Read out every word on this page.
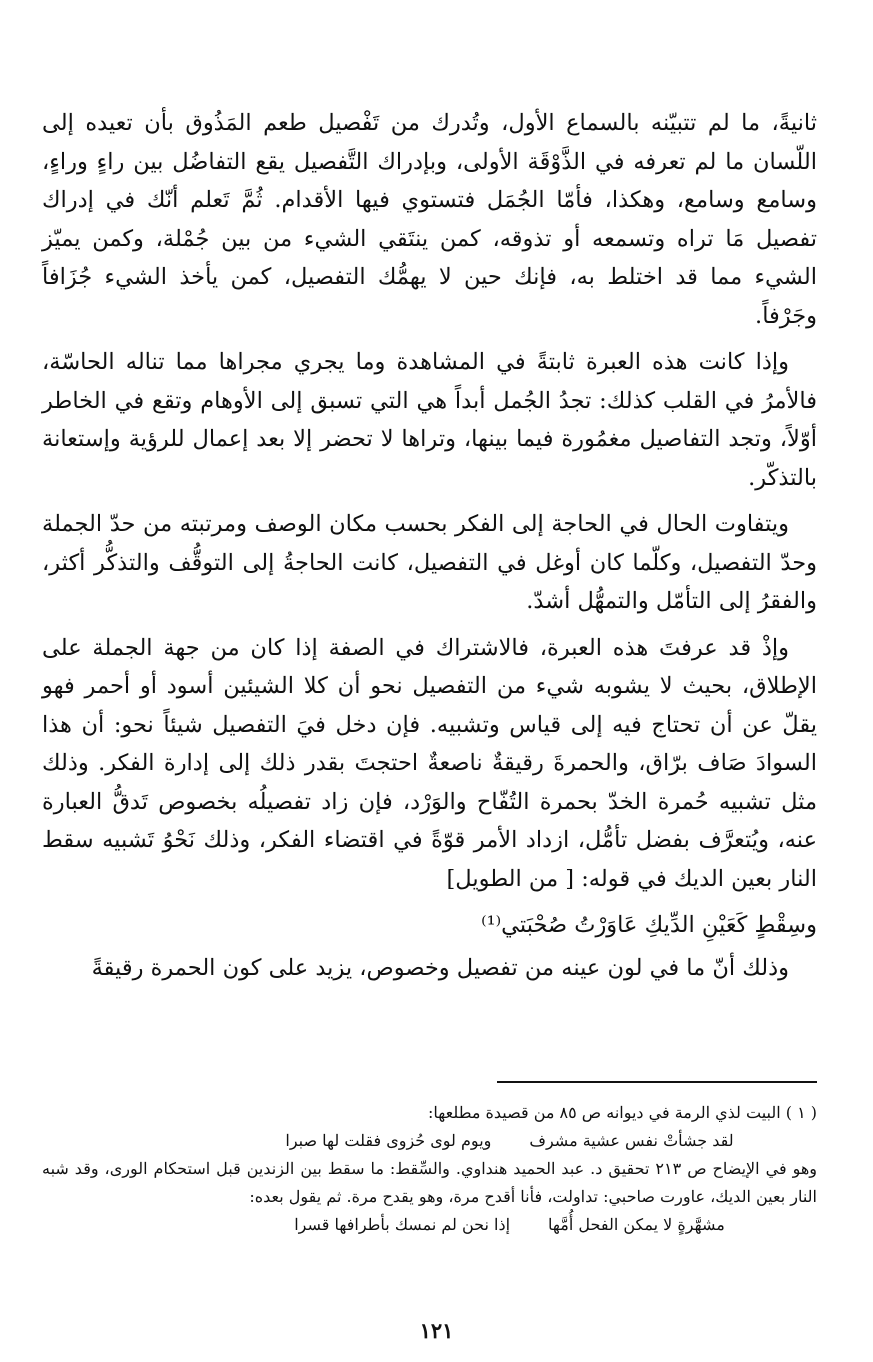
ثانيةً، ما لم تتبيّنه بالسماع الأول، وتُدرك من تَفْصيل طعم المَذُوق بأن تعيده إلى اللّسان ما لم تعرفه في الذَّوْقَة الأولى، وبإدراك التَّفصيل يقع التفاضُل بين راءٍ وراءٍ، وسامع وسامع، وهكذا، فأمّا الجُمَل فتستوي فيها الأقدام. ثُمَّ تَعلم أنّك في إدراك تفصيل مَا تراه وتسمعه أو تذوقه، كمن ينتَقي الشيء من بين جُمْلة، وكمن يميّز الشيء مما قد اختلط به، فإنك حين لا يهمُّك التفصيل، كمن يأخذ الشيء جُزَافاً وجَرْفاً.

وإذا كانت هذه العبرة ثابتةً في المشاهدة وما يجري مجراها مما تناله الحاسّة، فالأمرُ في القلب كذلك: تجدُ الجُمل أبداً هي التي تسبق إلى الأوهام وتقع في الخاطر أوّلاً، وتجد التفاصيل مغمُورة فيما بينها، وتراها لا تحضر إلا بعد إعمال للرؤية وإستعانة بالتذكّر.

ويتفاوت الحال في الحاجة إلى الفكر بحسب مكان الوصف ومرتبته من حدّ الجملة وحدّ التفصيل، وكلّما كان أوغل في التفصيل، كانت الحاجةُ إلى التوقُّف والتذكُّر أكثر، والفقرُ إلى التأمّل والتمهُّل أشدّ.

وإذْ قد عرفتَ هذه العبرة، فالاشتراك في الصفة إذا كان من جهة الجملة على الإطلاق، بحيث لا يشوبه شيء من التفصيل نحو أن كلا الشيئين أسود أو أحمر فهو يقلّ عن أن تحتاج فيه إلى قياس وتشبيه. فإن دخل فيَ التفصيل شيئاً نحو: أن هذا السوادَ صَاف برّاق، والحمرةَ رقيقةٌ ناصعةٌ احتجتَ بقدر ذلك إلى إدارة الفكر. وذلك مثل تشبيه حُمرة الخدّ بحمرة التُفّاح والوَرْد، فإن زاد تفصيلُه بخصوص تَدقُّ العبارة عنه، ويُتعرَّف بفضل تأمُّل، ازداد الأمر قوّةً في اقتضاء الفكر، وذلك نَحْوُ تَشبيه سقط النار بعين الديك في قوله: [ من الطويل]

وسِقْطٍ كَعَيْنِ الدِّيكِ عَاوَرْتُ صُحْبَتي⁽¹⁾

وذلك أنّ ما في لون عينه من تفصيل وخصوص، يزيد على كون الحمرة رقيقةً

( ١ ) البيت لذي الرمة في ديوانه ص ٨٥ من قصيدة مطلعها:

لقد جشأتْ نفس عشية مشرف
ويوم لوى حُزوى فقلت لها صبرا

وهو في الإيضاح ص ٢١٣ تحقيق د. عبد الحميد هنداوي. والسِّقط: ما سقط بين الزندين قبل استحكام الورى، وقد شبه النار بعين الديك، عاورت صاحبي: تداولت، فأنا أقدح مرة، وهو يقدح مرة. ثم يقول بعده:

مشهَّرةٍ لا يمكن الفحل أُمَّها
إذا نحن لم نمسك بأطرافها قسرا
١٢١
